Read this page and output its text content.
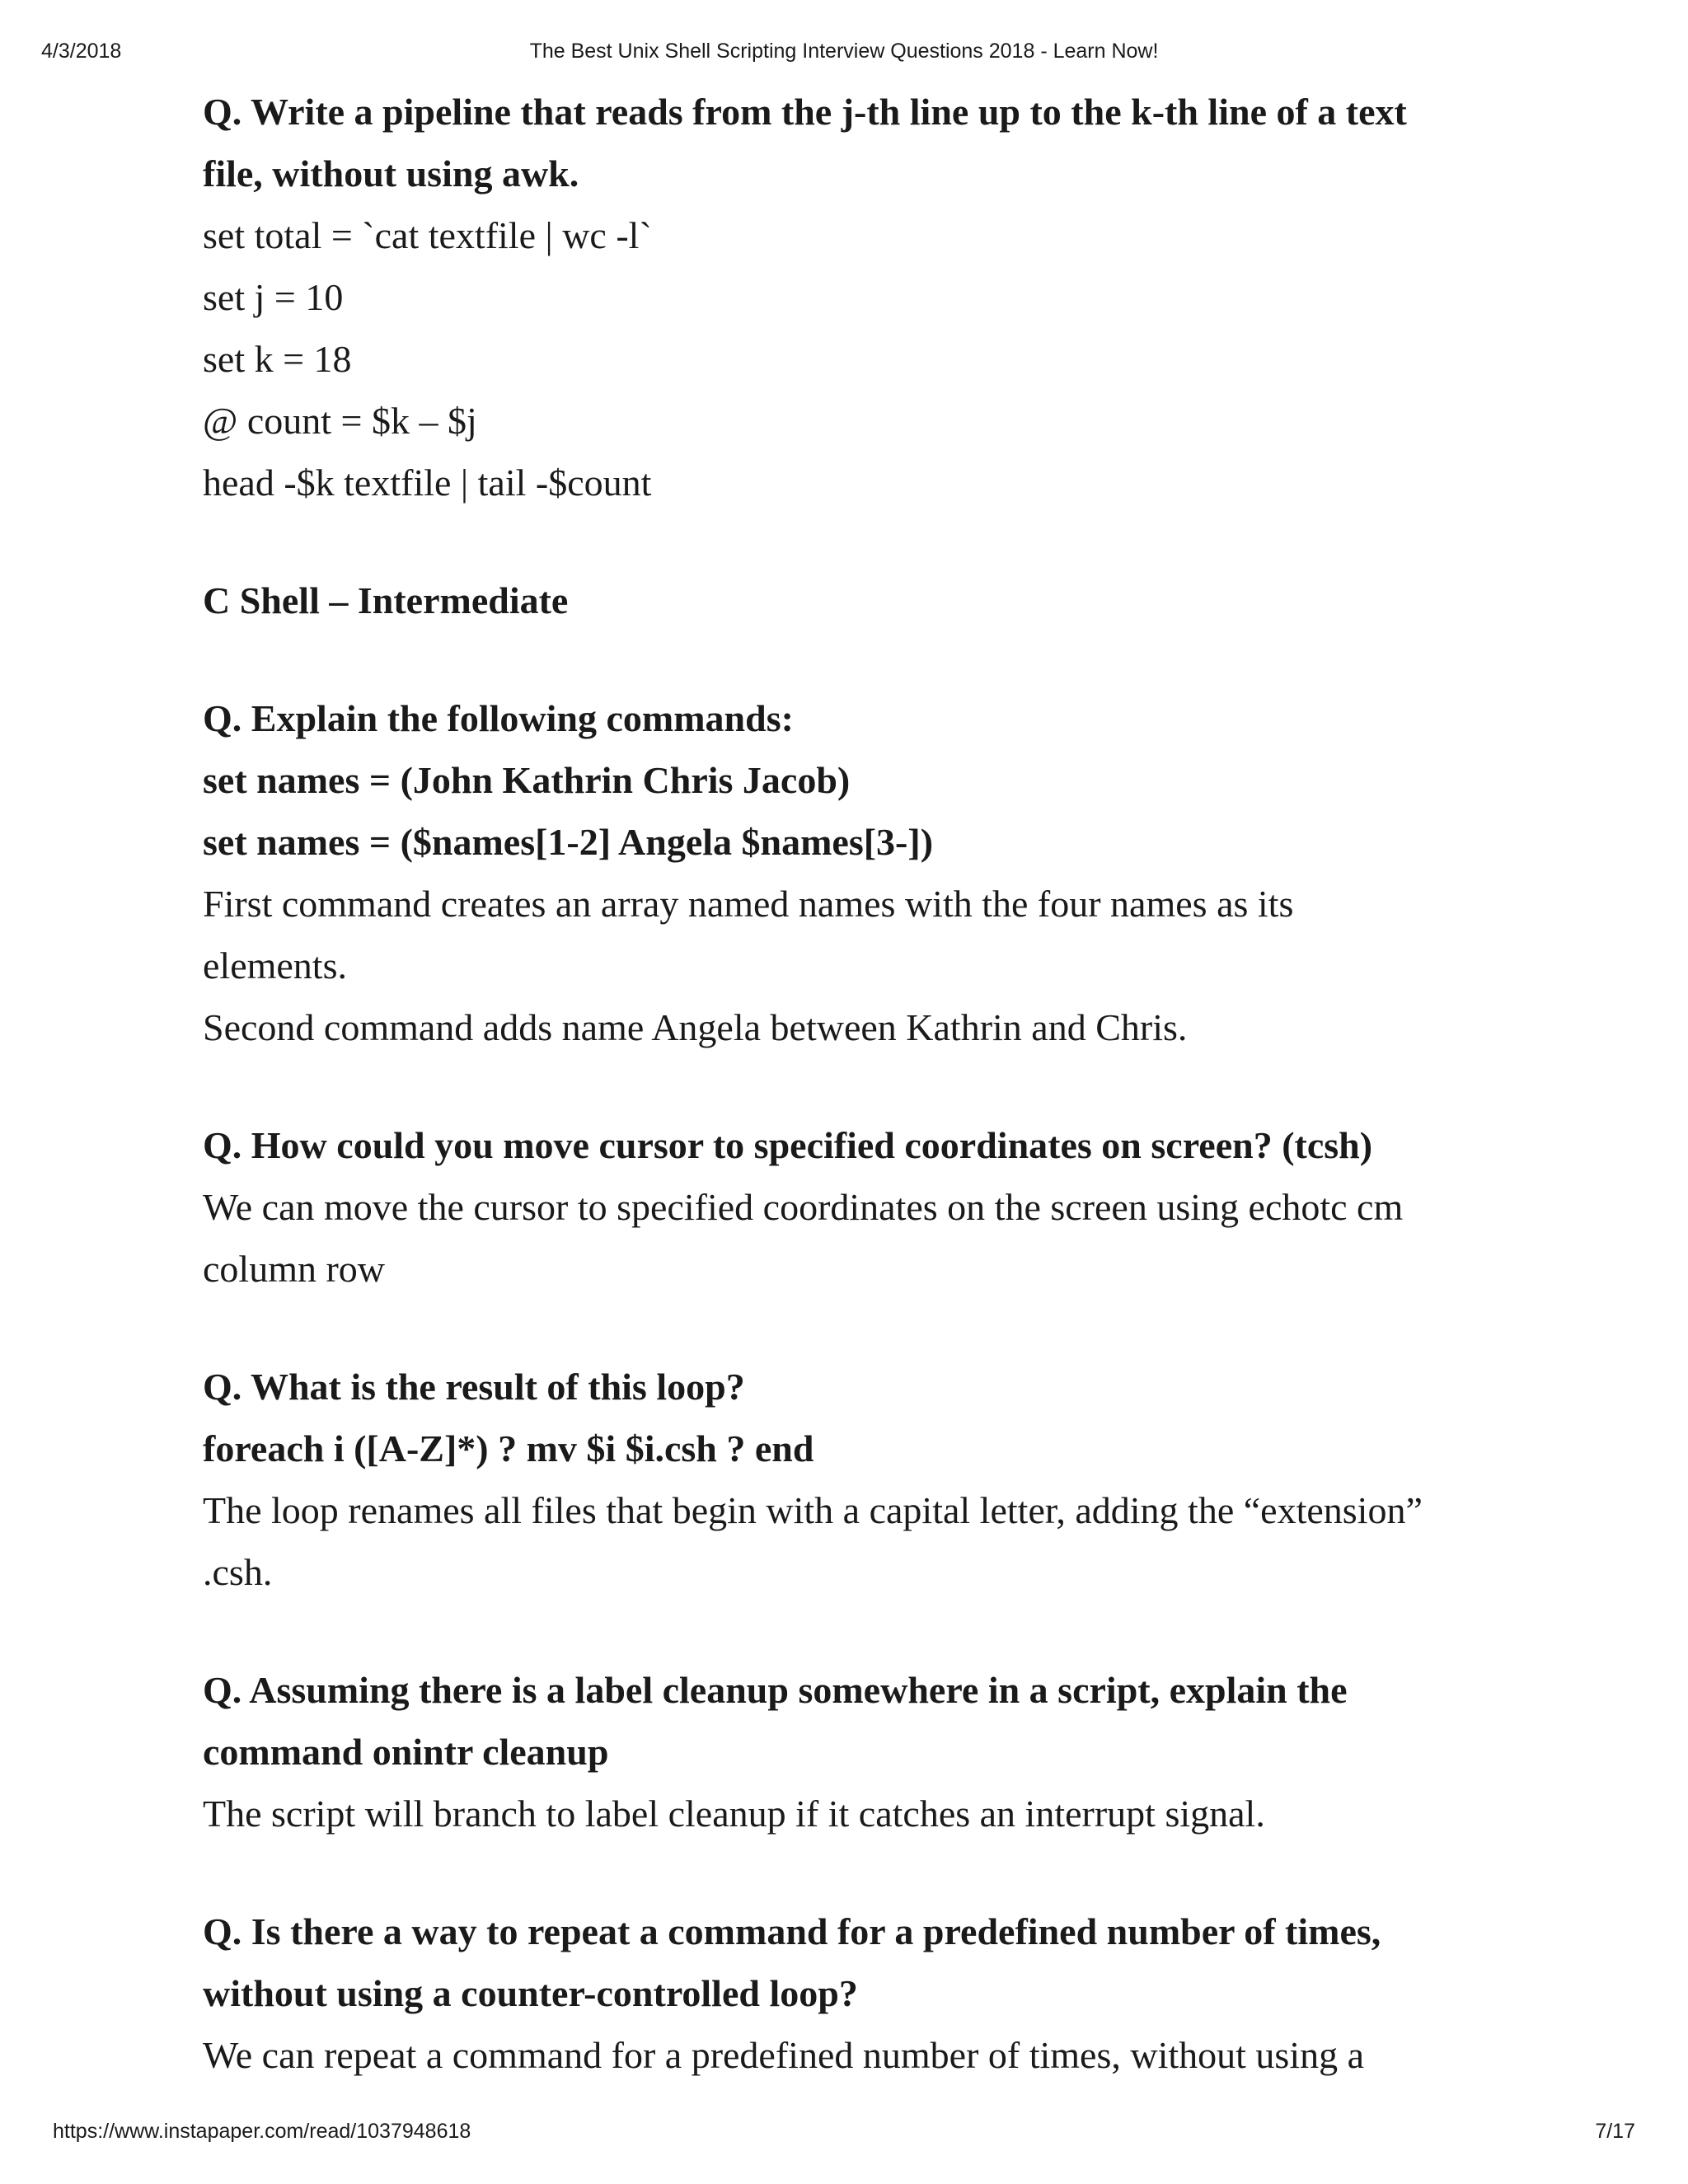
4/3/2018	The Best Unix Shell Scripting Interview Questions 2018 - Learn Now!
Q. Write a pipeline that reads from the j-th line up to the k-th line of a text
file, without using awk.
set total = `cat textfile | wc -l`
set j = 10
set k = 18
@ count = $k – $j
head -$k textfile | tail -$count
C Shell – Intermediate
Q. Explain the following commands:
set names = (John Kathrin Chris Jacob)
set names = ($names[1-2] Angela $names[3-])
First command creates an array named names with the four names as its
elements.
Second command adds name Angela between Kathrin and Chris.
Q. How could you move cursor to specified coordinates on screen? (tcsh)
We can move the cursor to specified coordinates on the screen using echotc cm
column row
Q. What is the result of this loop?
foreach i ([A-Z]*) ? mv $i $i.csh ? end
The loop renames all files that begin with a capital letter, adding the “extension”
.csh.
Q. Assuming there is a label cleanup somewhere in a script, explain the
command onintr cleanup
The script will branch to label cleanup if it catches an interrupt signal.
Q. Is there a way to repeat a command for a predefined number of times,
without using a counter-controlled loop?
We can repeat a command for a predefined number of times, without using a
https://www.instapaper.com/read/1037948618	7/17
